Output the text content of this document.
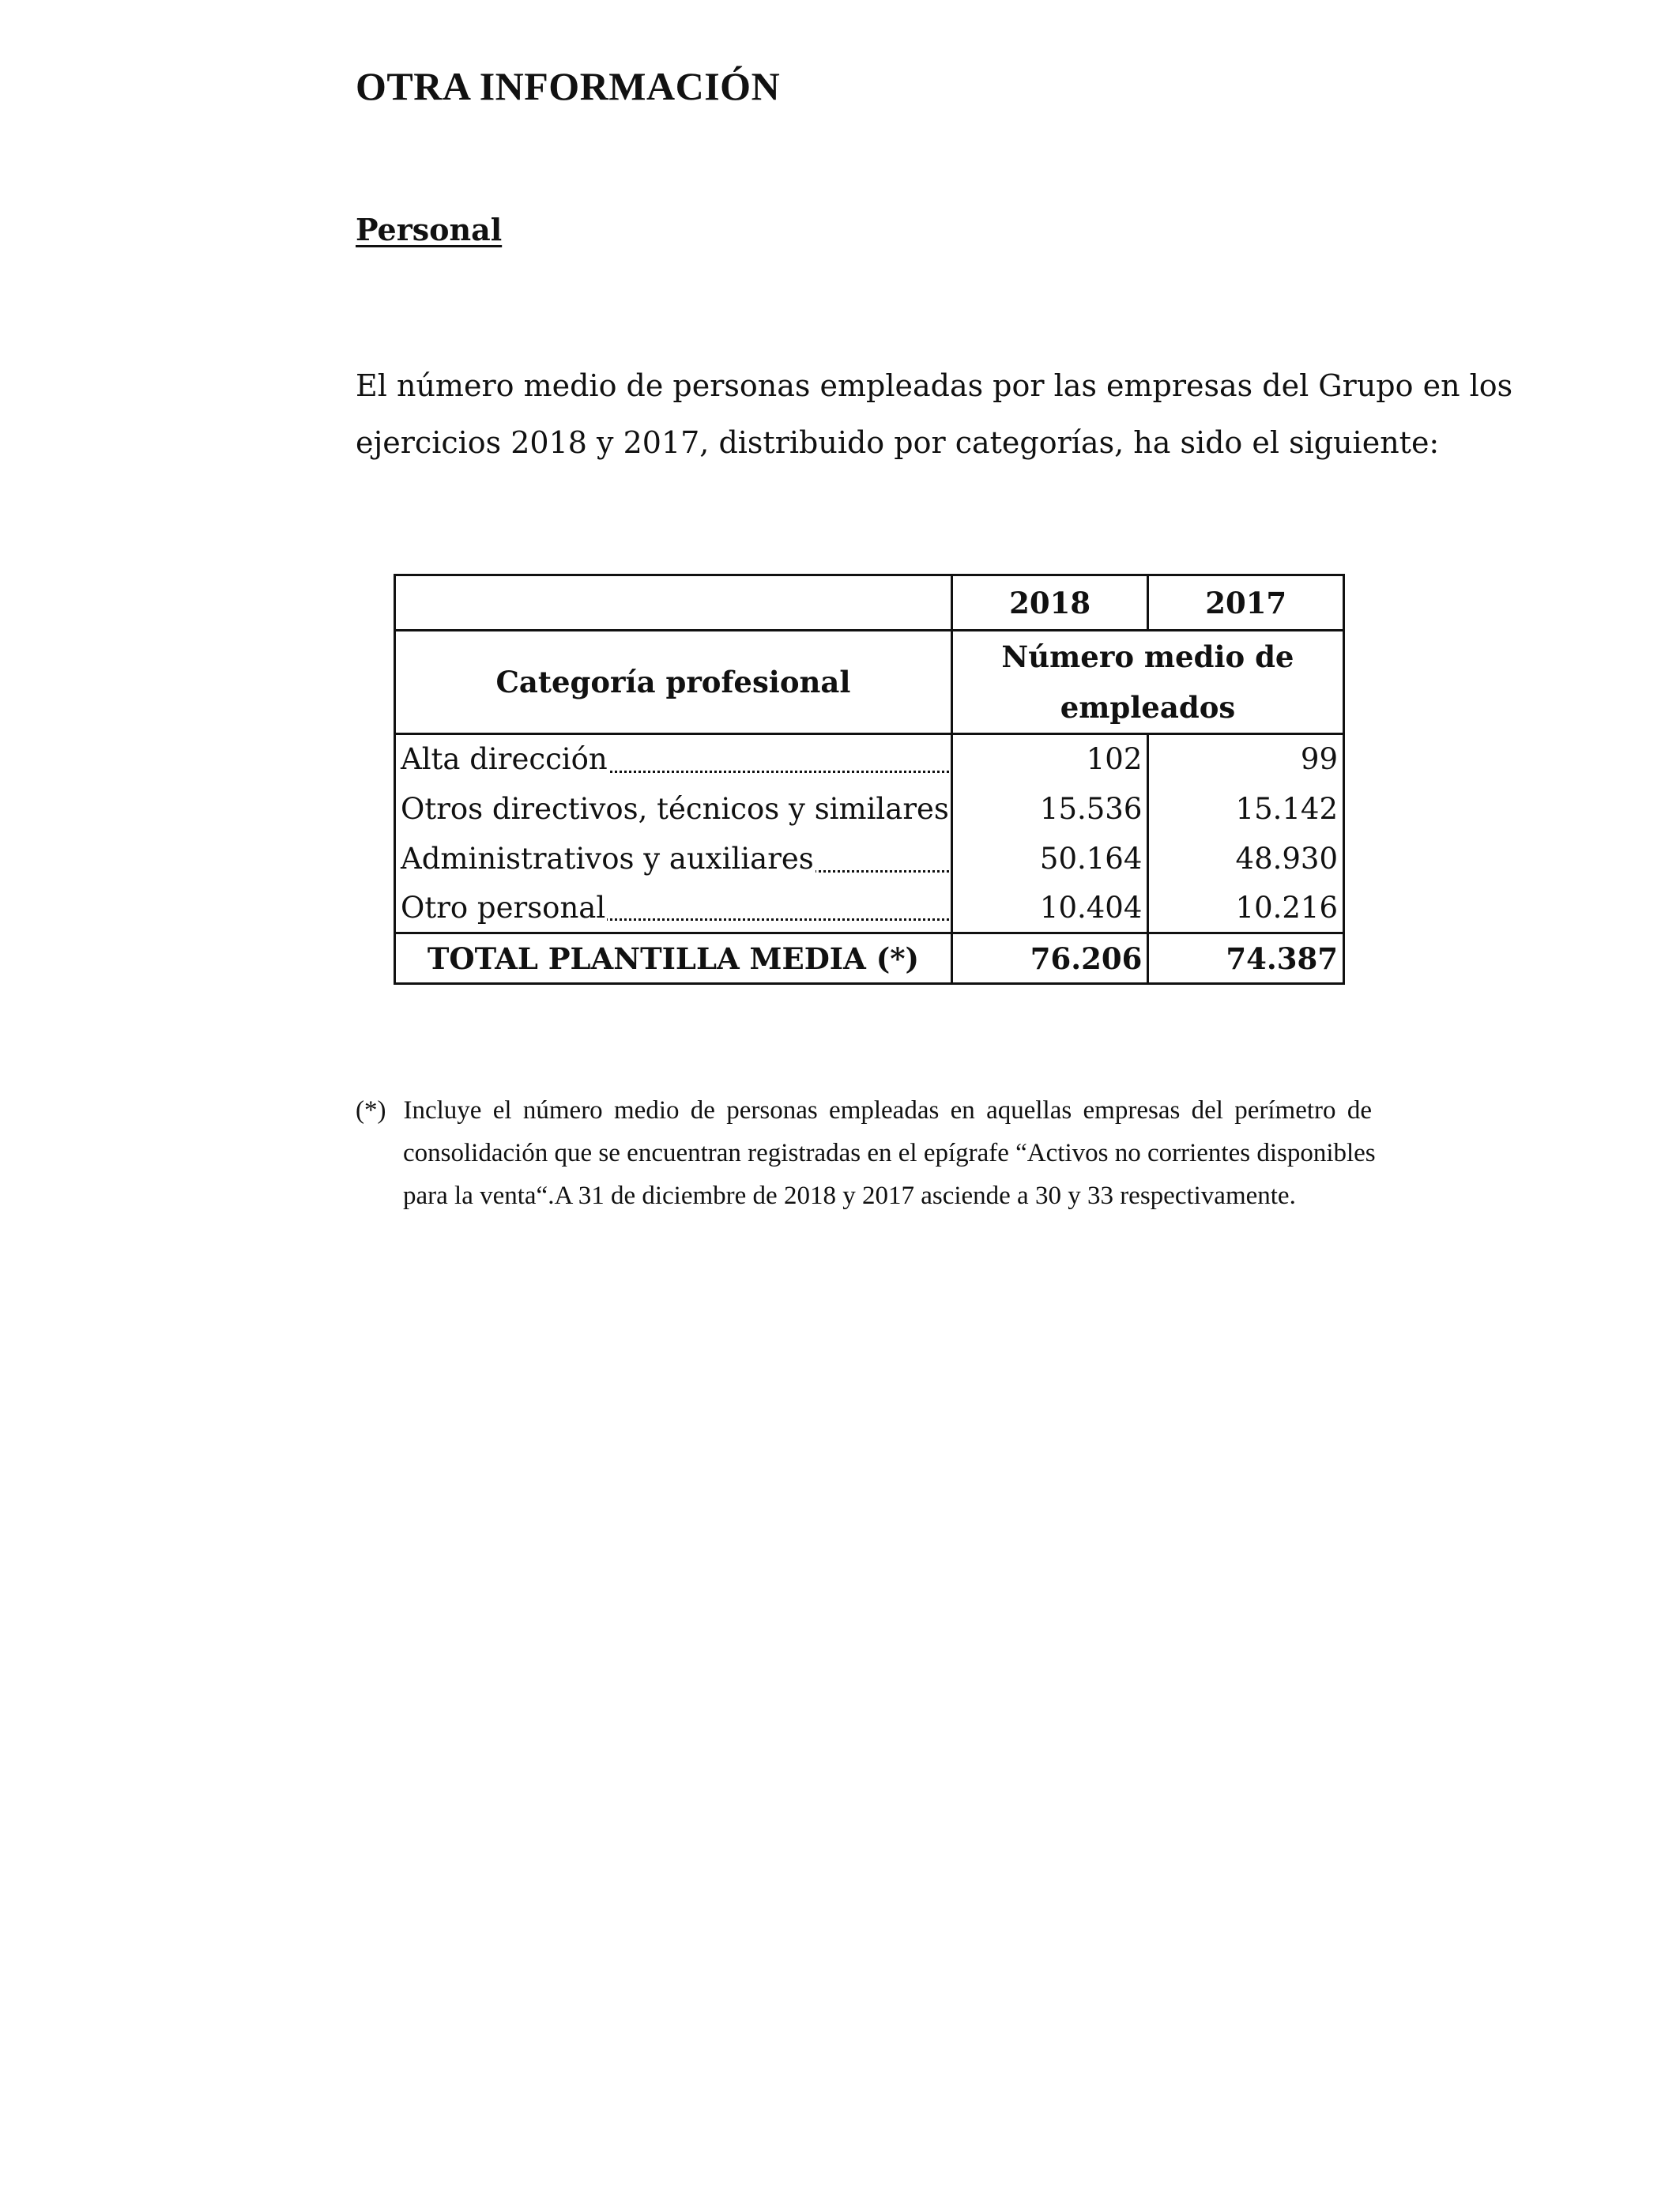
OTRA INFORMACIÓN
Personal

El número medio de personas empleadas por las empresas del Grupo en los
ejercicios 2018 y 2017, distribuido por categorías, ha sido el siguiente:

	2018	2017
Categoría profesional	Número medio de
empleados	

Alta dirección	102	99

Otros directivos, técnicos y similares	15.536	15.142

Administrativos y auxiliares	50.164	48.930

Otro personal	10.404	10.216
TOTAL PLANTILLA MEDIA (*)	76.206	74.387
(*) Incluye el número medio de personas empleadas en aquellas empresas del perímetro de
consolidación que se encuentran registradas en el epígrafe “Activos no corrientes disponibles
para la venta“.A 31 de diciembre de 2018 y 2017 asciende a 30 y 33 respectivamente.
